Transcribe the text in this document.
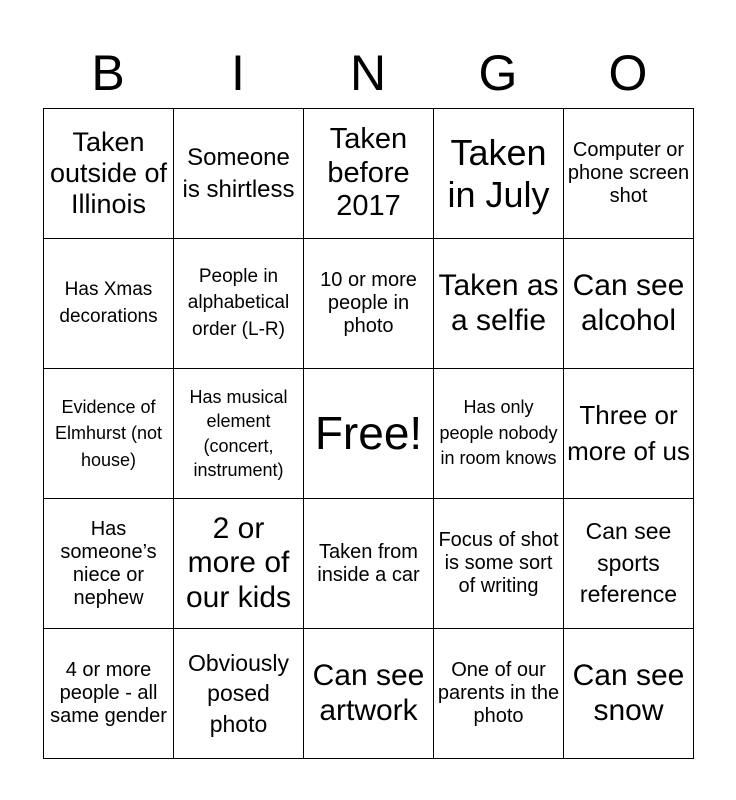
B	I	N	G	O
Taken outside of Illinois	Someone is shirtless	Taken before 2017	Taken in July	Computer or phone screen shot
Has Xmas decorations	People in alphabetical order (L-R)	10 or more people in photo	Taken as a selfie	Can see alcohol
Evidence of Elmhurst (not house)	Has musical element (concert, instrument)	Free!	Has only people nobody in room knows	Three or more of us
Has someone’s niece or nephew	2 or more of our kids	Taken from inside a car	Focus of shot is some sort of writing	Can see sports reference
4 or more people - all same gender	Obviously posed photo	Can see artwork	One of our parents in the photo	Can see snow
